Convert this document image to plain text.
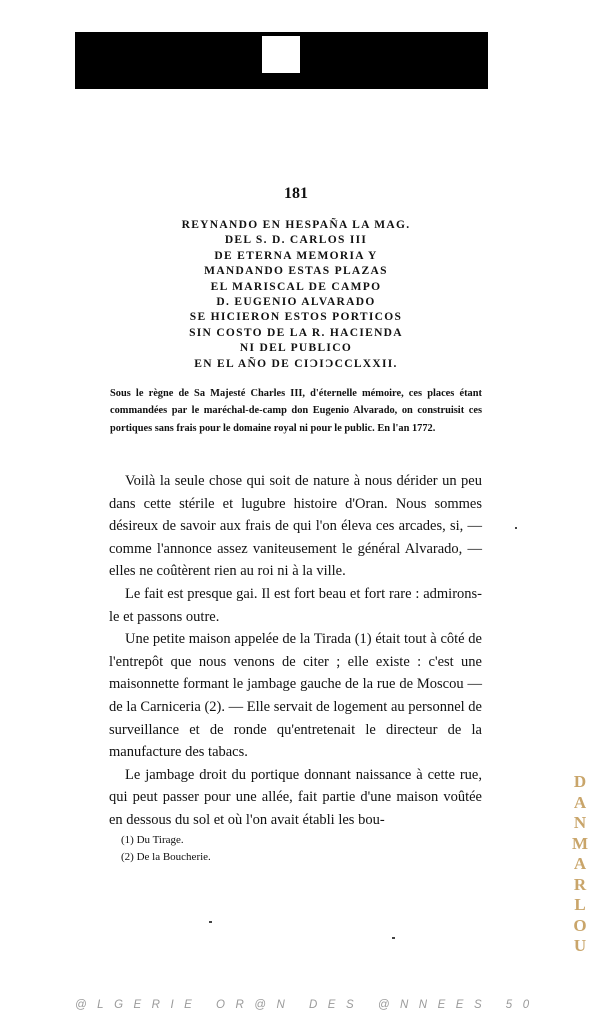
181
REYNANDO EN HESPAÑA LA MAG.
DEL S. D. CARLOS III
DE ETERNA MEMORIA Y
MANDANDO ESTAS PLAZAS
EL MARISCAL DE CAMPO
D. EUGENIO ALVARADO
SE HICIERON ESTOS PORTICOS
SIN COSTO DE LA R. HACIENDA
NI DEL PUBLICO
EN EL AÑO DE CIƆIƆCCLXXII.
Sous le règne de Sa Majesté Charles III, d'éternelle mémoire, ces places étant commandées par le maréchal-de-camp don Eugenio Alvarado, on construisit ces portiques sans frais pour le domaine royal ni pour le public. En l'an 1772.

Voilà la seule chose qui soit de nature à nous dérider un peu dans cette stérile et lugubre histoire d'Oran. Nous sommes désireux de savoir aux frais de qui l'on éleva ces arcades, si, — comme l'annonce assez vaniteusement le général Alvarado, — elles ne coûtèrent rien au roi ni à la ville.

Le fait est presque gai. Il est fort beau et fort rare : admirons-le et passons outre.

Une petite maison appelée de la Tirada (1) était tout à côté de l'entrepôt que nous venons de citer ; elle existe : c'est une maisonnette formant le jambage gauche de la rue de Moscou — de la Carniceria (2). — Elle servait de logement au personnel de surveillance et de ronde qu'entretenait le directeur de la manufacture des tabacs.

Le jambage droit du portique donnant naissance à cette rue, qui peut passer pour une allée, fait partie d'une maison voûtée en dessous du sol et où l'on avait établi les bou-

(1) Du Tirage.
(2) De la Boucherie.
D
A
N
M
A
R
L
O
U
@LGERIE OR@N DES @NNEES 50
